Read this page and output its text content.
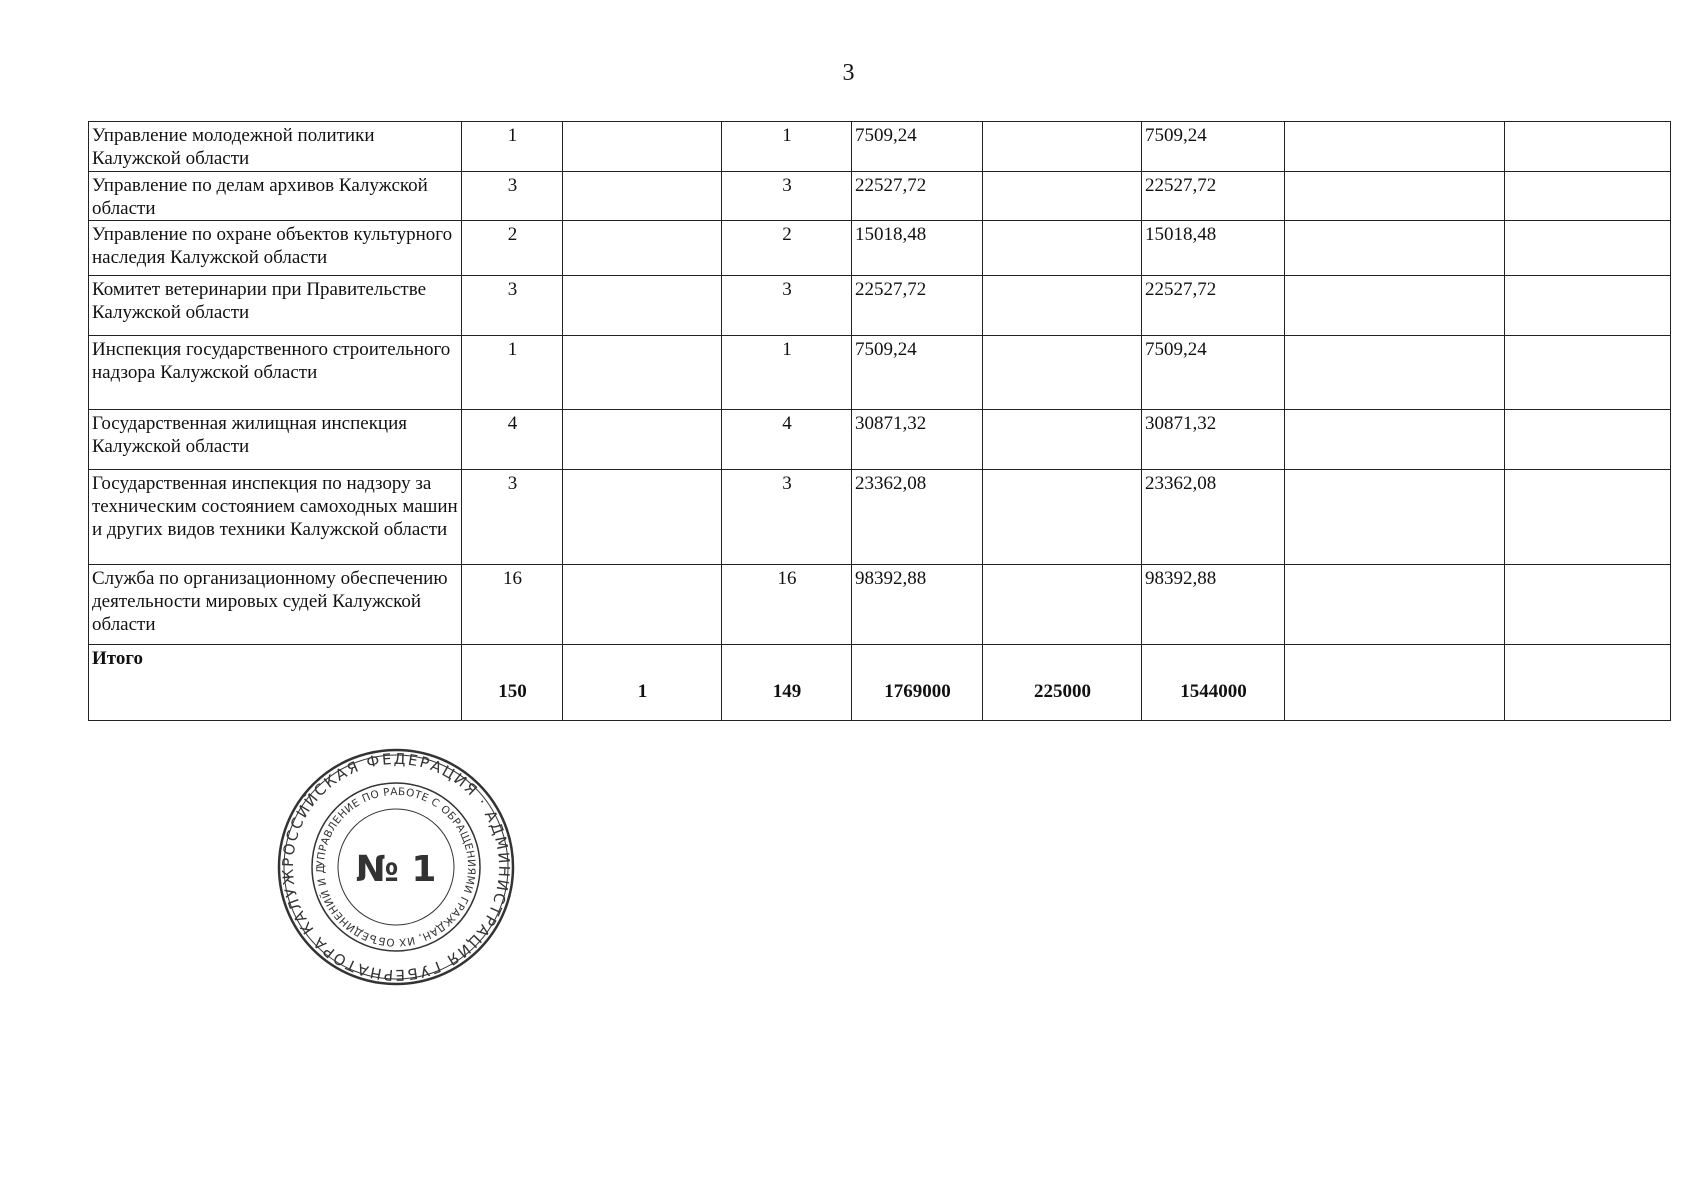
3
Управление молодежной политики Калужской области	1		1	7509,24		7509,24		
Управление по делам архивов Калужской области	3		3	22527,72		22527,72		
Управление по охране объектов культурного наследия Калужской области	2		2	15018,48		15018,48		
Комитет ветеринарии при Правительстве Калужской области	3		3	22527,72		22527,72		
Инспекция государственного строительного надзора Калужской области	1		1	7509,24		7509,24		
Государственная жилищная инспекция Калужской области	4		4	30871,32		30871,32		
Государственная инспекция по надзору за техническим состоянием самоходных машин и других видов техники Калужской области	3		3	23362,08		23362,08		
Служба по организационному обеспечению деятельности мировых судей Калужской области	16		16	98392,88		98392,88		
Итого	150	1	149	1769000	225000	1544000		
РОССИЙСКАЯ ФЕДЕРАЦИЯ · АДМИНИСТРАЦИЯ ГУБЕРНАТОРА КАЛУЖ
УПРАВЛЕНИЕ ПО РАБОТЕ С ОБРАЩЕНИЯМИ ГРАЖДАН, ИХ ОБЪЕДИНЕНИЙ И Д № 1
